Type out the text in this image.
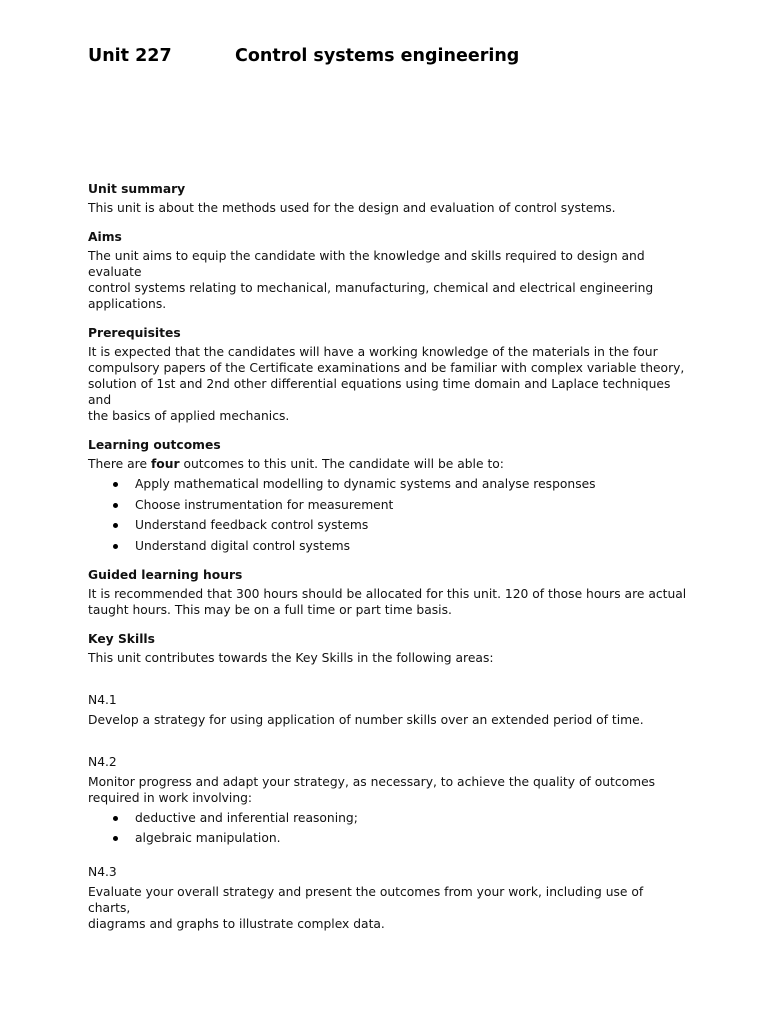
Unit 227	Control systems engineering
Unit summary
This unit is about the methods used for the design and evaluation of control systems.
Aims
The unit aims to equip the candidate with the knowledge and skills required to design and evaluate
control systems relating to mechanical, manufacturing, chemical and electrical engineering
applications.
Prerequisites
It is expected that the candidates will have a working knowledge of the materials in the four
compulsory papers of the Certificate examinations and be familiar with complex variable theory,
solution of 1st and 2nd other differential equations using time domain and Laplace techniques and
the basics of applied mechanics.
Learning outcomes
There are four outcomes to this unit. The candidate will be able to:
Apply mathematical modelling to dynamic systems and analyse responses
Choose instrumentation for measurement
Understand feedback control systems
Understand digital control systems
Guided learning hours
It is recommended that 300 hours should be allocated for this unit. 120 of those hours are actual
taught hours. This may be on a full time or part time basis.
Key Skills
This unit contributes towards the Key Skills in the following areas:
N4.1
Develop a strategy for using application of number skills over an extended period of time.
N4.2
Monitor progress and adapt your strategy, as necessary, to achieve the quality of outcomes
required in work involving:
deductive and inferential reasoning;
algebraic manipulation.
N4.3
Evaluate your overall strategy and present the outcomes from your work, including use of charts,
diagrams and graphs to illustrate complex data.
